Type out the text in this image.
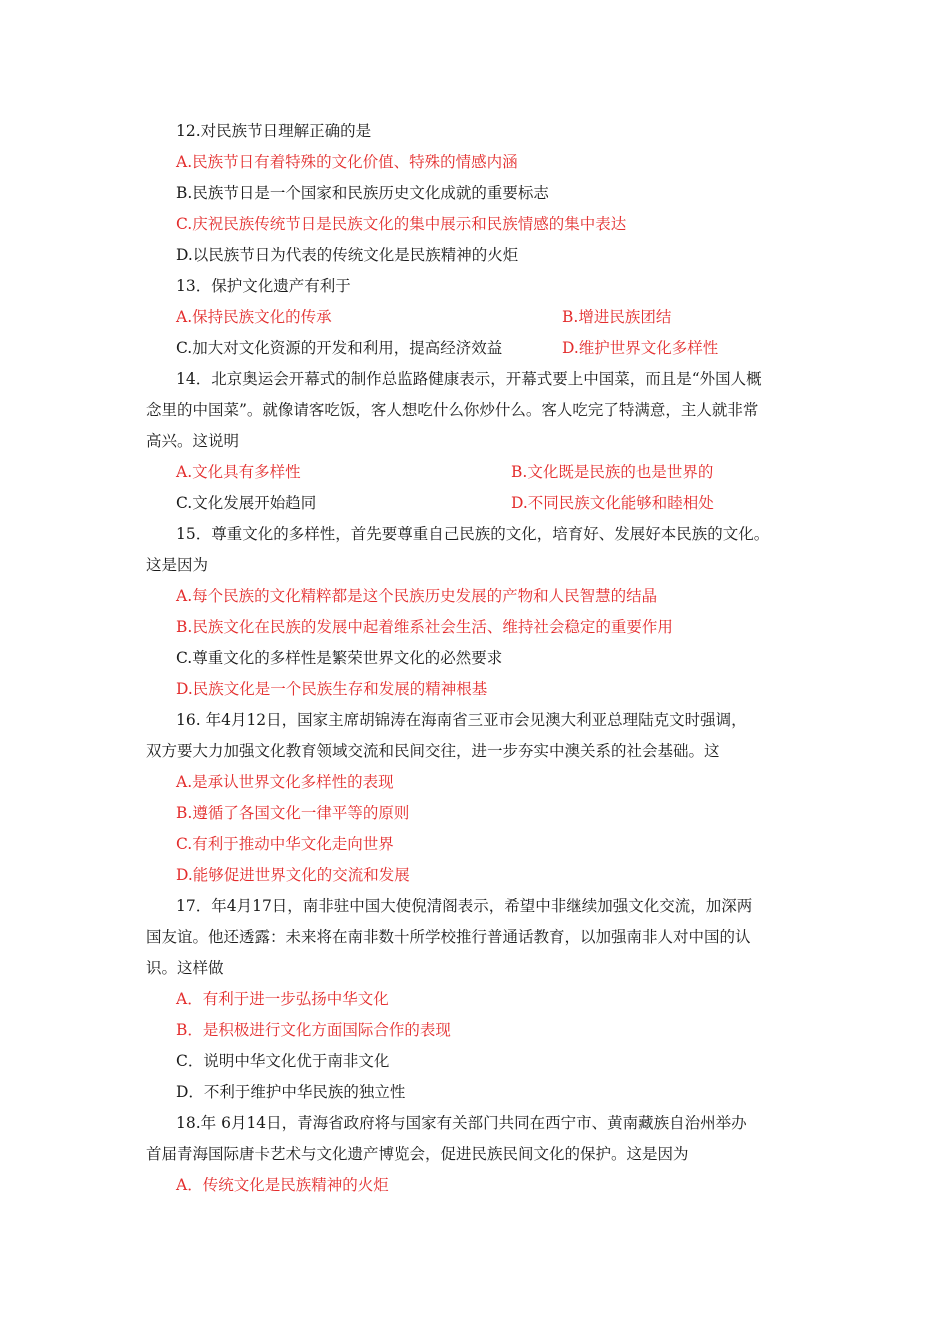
12.对民族节日理解正确的是
A.民族节日有着特殊的文化价值、特殊的情感内涵
B.民族节日是一个国家和民族历史文化成就的重要标志
C.庆祝民族传统节日是民族文化的集中展示和民族情感的集中表达
D.以民族节日为代表的传统文化是民族精神的火炬
13．保护文化遗产有利于
A.保持民族文化的传承	B.增进民族团结
C.加大对文化资源的开发和利用，提高经济效益	D.维护世界文化多样性
14．北京奥运会开幕式的制作总监路健康表示，开幕式要上中国菜，而且是“外国人概
念里的中国菜”。就像请客吃饭，客人想吃什么你炒什么。客人吃完了特满意，主人就非常
高兴。这说明
A.文化具有多样性	B.文化既是民族的也是世界的
C.文化发展开始趋同	D.不同民族文化能够和睦相处
15．尊重文化的多样性，首先要尊重自己民族的文化，培育好、发展好本民族的文化。
这是因为
A.每个民族的文化精粹都是这个民族历史发展的产物和人民智慧的结晶
B.民族文化在民族的发展中起着维系社会生活、维持社会稳定的重要作用
C.尊重文化的多样性是繁荣世界文化的必然要求
D.民族文化是一个民族生存和发展的精神根基
16. 年4月12日，国家主席胡锦涛在海南省三亚市会见澳大利亚总理陆克文时强调，
双方要大力加强文化教育领域交流和民间交往，进一步夯实中澳关系的社会基础。这
A.是承认世界文化多样性的表现
B.遵循了各国文化一律平等的原则
C.有利于推动中华文化走向世界
D.能够促进世界文化的交流和发展
17．年4月17日，南非驻中国大使倪清阁表示，希望中非继续加强文化交流，加深两
国友谊。他还透露：未来将在南非数十所学校推行普通话教育，以加强南非人对中国的认
识。这样做
A．有利于进一步弘扬中华文化
B．是积极进行文化方面国际合作的表现
C．说明中华文化优于南非文化
D．不利于维护中华民族的独立性
18.年 6月14日，青海省政府将与国家有关部门共同在西宁市、黄南藏族自治州举办
首届青海国际唐卡艺术与文化遗产博览会，促进民族民间文化的保护。这是因为
A．传统文化是民族精神的火炬
